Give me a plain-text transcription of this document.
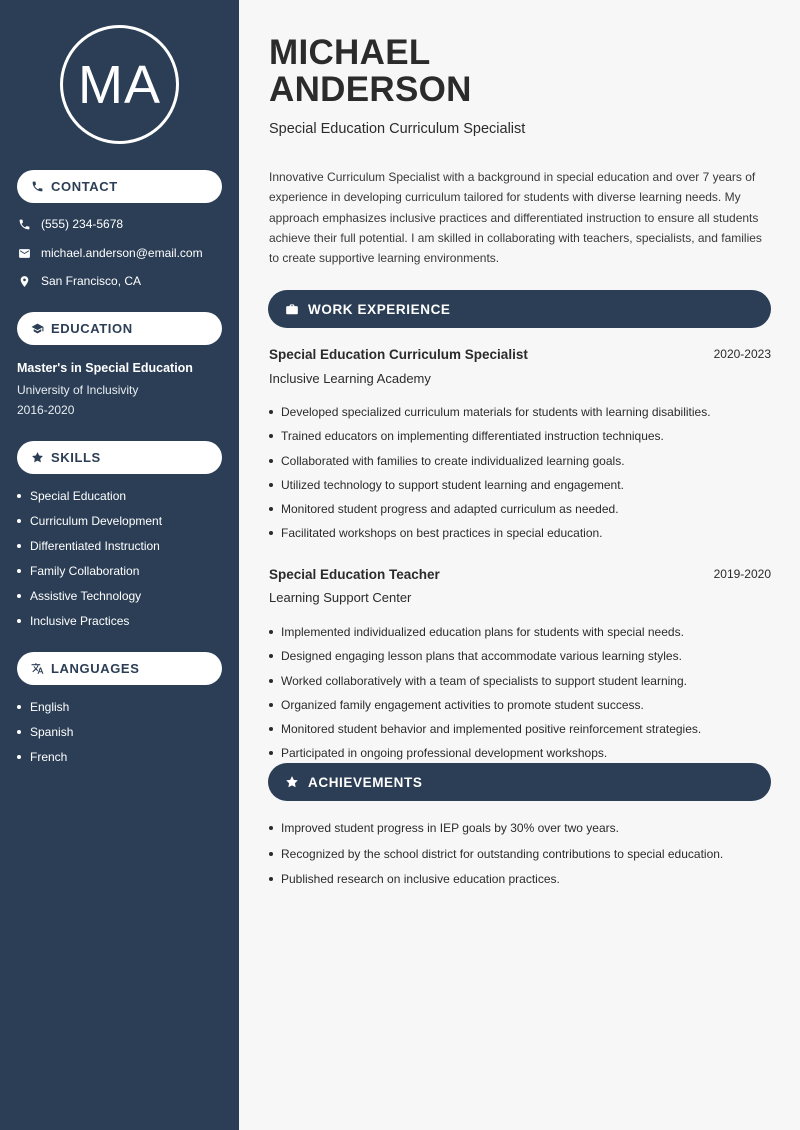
MA
CONTACT
(555) 234-5678
michael.anderson@email.com
San Francisco, CA
EDUCATION
Master's in Special Education
University of Inclusivity
2016-2020
SKILLS
Special Education
Curriculum Development
Differentiated Instruction
Family Collaboration
Assistive Technology
Inclusive Practices
LANGUAGES
English
Spanish
French
MICHAEL
ANDERSON
Special Education Curriculum Specialist

Innovative Curriculum Specialist with a background in special education and over 7 years of experience in developing curriculum tailored for students with diverse learning needs. My approach emphasizes inclusive practices and differentiated instruction to ensure all students achieve their full potential. I am skilled in collaborating with teachers, specialists, and families to create supportive learning environments.

WORK EXPERIENCE
Special Education Curriculum Specialist	2020-2023
Inclusive Learning Academy
Developed specialized curriculum materials for students with learning disabilities.
Trained educators on implementing differentiated instruction techniques.
Collaborated with families to create individualized learning goals.
Utilized technology to support student learning and engagement.
Monitored student progress and adapted curriculum as needed.
Facilitated workshops on best practices in special education.
Special Education Teacher	2019-2020
Learning Support Center
Implemented individualized education plans for students with special needs.
Designed engaging lesson plans that accommodate various learning styles.
Worked collaboratively with a team of specialists to support student learning.
Organized family engagement activities to promote student success.
Monitored student behavior and implemented positive reinforcement strategies.
Participated in ongoing professional development workshops.
ACHIEVEMENTS
Improved student progress in IEP goals by 30% over two years.
Recognized by the school district for outstanding contributions to special education.
Published research on inclusive education practices.
